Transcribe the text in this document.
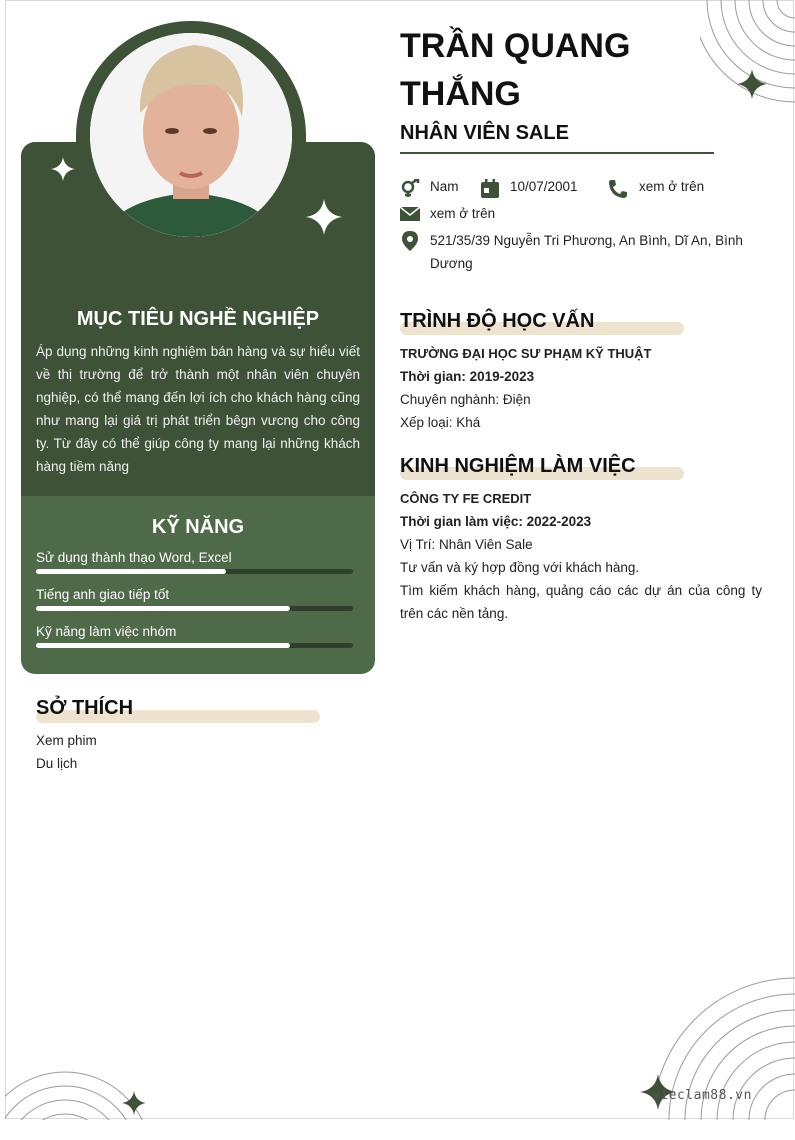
MỤC TIÊU NGHỀ NGHIỆP
Áp dụng những kinh nghiệm bán hàng và sự hiểu viết về thị trường để trở thành một nhân viên chuyên nghiệp, có thể mang đến lợi ích cho khách hàng cũng như mang lại giá trị phát triển bêgn vưcng cho công ty. Từ đây có thể giúp công ty mang lại những khách hàng tiềm năng
KỸ NĂNG
Sử dụng thành thạo Word, Excel
Tiếng anh giao tiếp tốt
Kỹ năng làm việc nhóm
SỞ THÍCH
Xem phim
Du lịch
TRẦN QUANG THẮNG
NHÂN VIÊN SALE
Nam	10/07/2001	xem ở trên
xem ở trên
521/35/39 Nguyễn Tri Phương, An Bình, Dĩ An, Bình Dương
TRÌNH ĐỘ HỌC VẤN
TRƯỜNG ĐẠI HỌC SƯ PHẠM KỸ THUẬT
Thời gian: 2019-2023
Chuyên nghành: Điện
Xếp loại: Khá
KINH NGHIỆM LÀM VIỆC
CÔNG TY FE CREDIT
Thời gian làm việc: 2022-2023
Vị Trí: Nhân Viên Sale
Tư vấn và ký hợp đồng với khách hàng.
Tìm kiếm khách hàng, quảng cáo các dự án của công ty trên các nền tảng.
vieclam88.vn
